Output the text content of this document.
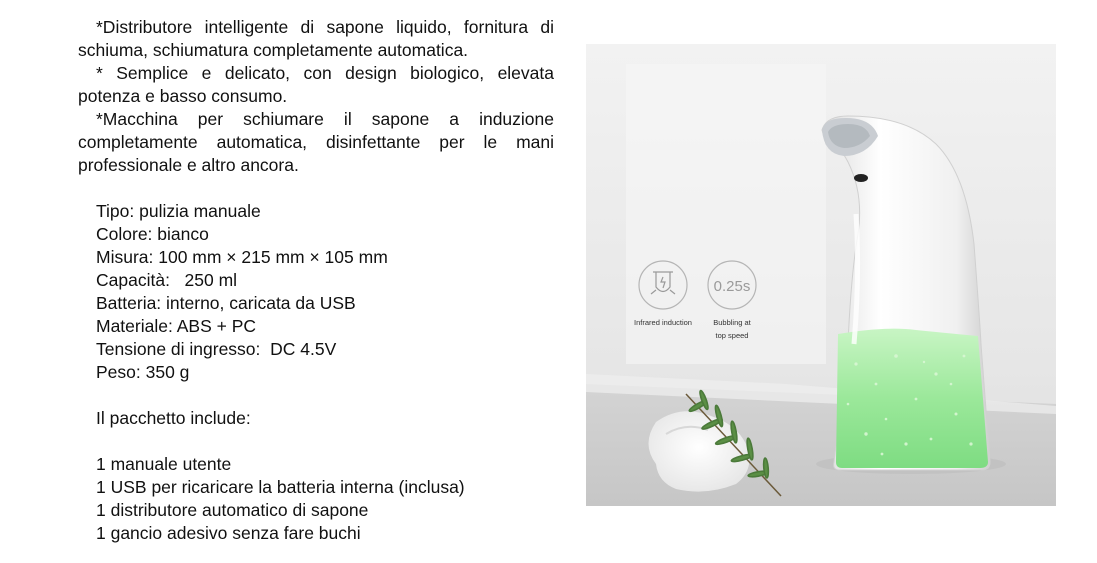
*Distributore intelligente di sapone liquido, fornitura di schiuma, schiumatura completamente automatica.

* Semplice e delicato, con design biologico, elevata potenza e basso consumo.

*Macchina per schiumare il sapone a induzione completamente automatica, disinfettante per le mani professionale e altro ancora.

Tipo: pulizia manuale

Colore: bianco

Misura: 100 mm × 215 mm × 105 mm

Capacità:   250 ml

Batteria: interno, caricata da USB

Materiale: ABS + PC

Tensione di ingresso:  DC 4.5V

Peso: 350 g

Il pacchetto include:

1 manuale utente

1 USB per ricaricare la batteria interna (inclusa)

1 distributore automatico di sapone

1 gancio adesivo senza fare buchi

Infrared induction
0.25s
Bubbling at
top speed
